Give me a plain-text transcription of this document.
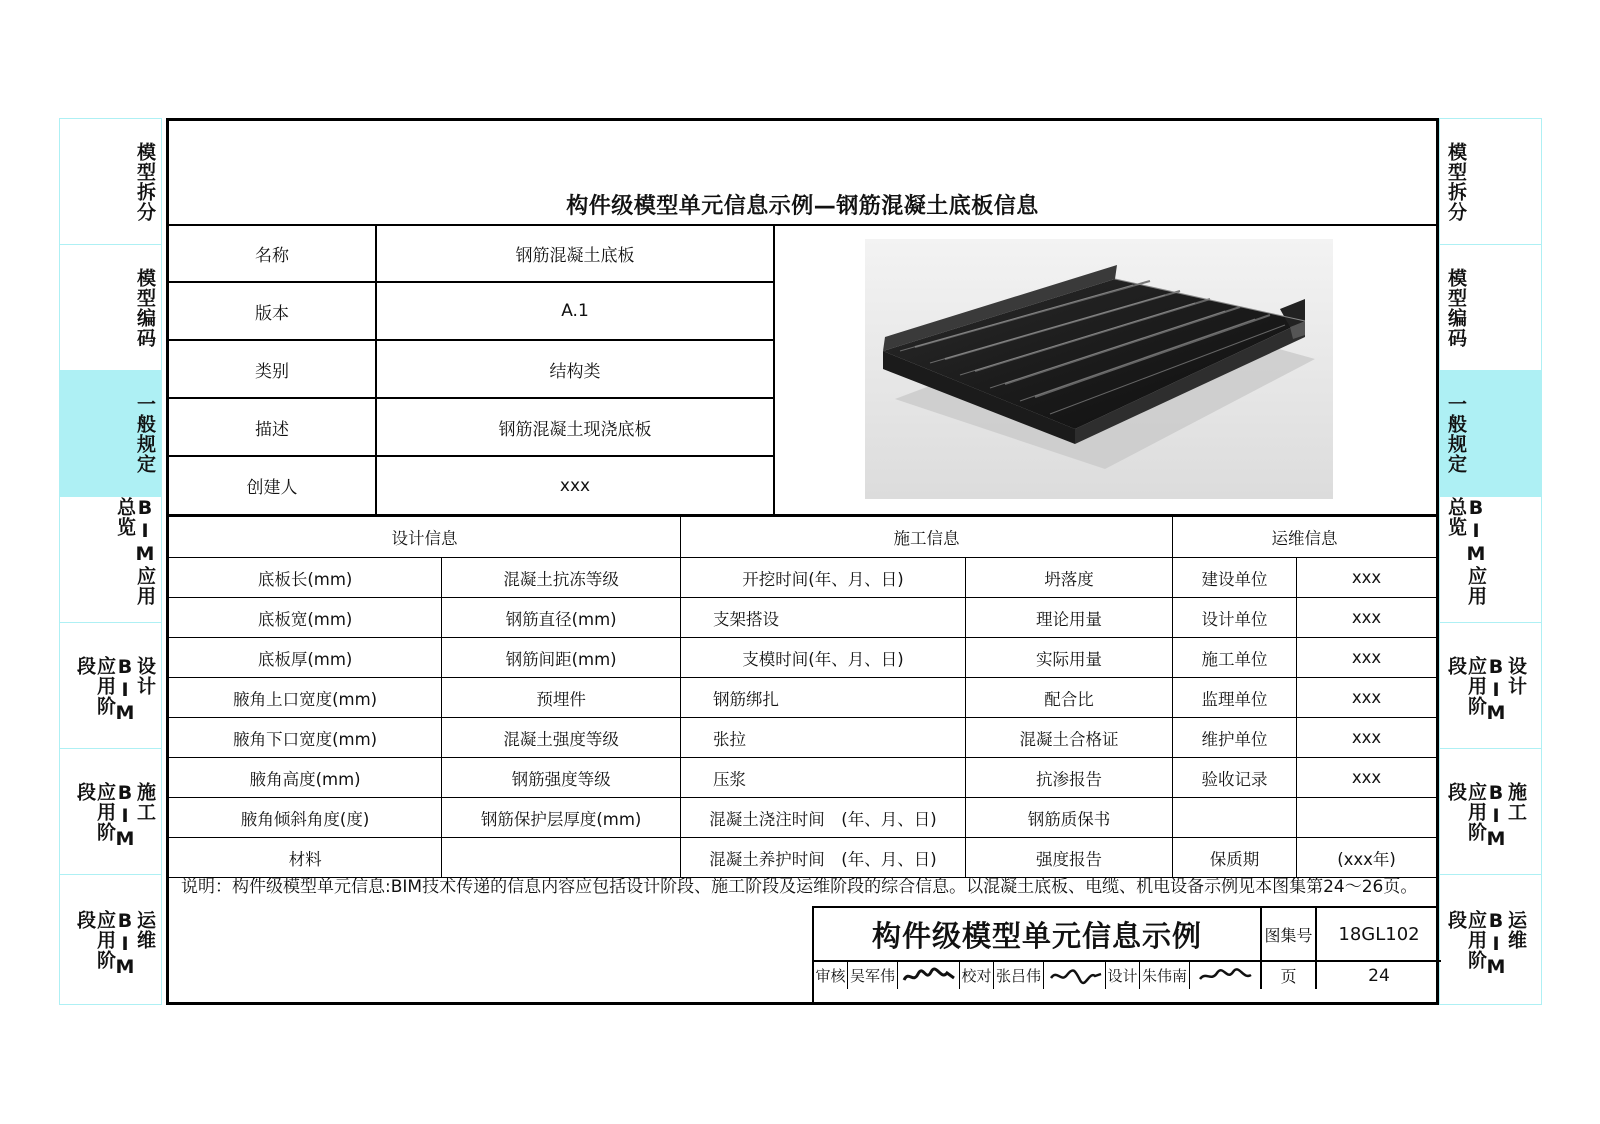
模型拆分
模型编码
一般规定
BIM应用总览
设计BIM应用阶段
施工BIM应用阶段
运维BIM应用阶段
模型拆分
模型编码
一般规定
BIM应用总览
设计BIM应用阶段
施工BIM应用阶段
运维BIM应用阶段
构件级模型单元信息示例—钢筋混凝土底板信息
名称	钢筋混凝土底板
版本	A.1
类别	结构类
描述	钢筋混凝土现浇底板
创建人	xxx
设计信息		施工信息		运维信息	
底板长(mm)	混凝土抗冻等级	开挖时间(年、月、日)	坍落度	建设单位	xxx
底板宽(mm)	钢筋直径(mm)	支架搭设	理论用量	设计单位	xxx
底板厚(mm)	钢筋间距(mm)	支模时间(年、月、日)	实际用量	施工单位	xxx
腋角上口宽度(mm)	预埋件	钢筋绑扎	配合比	监理单位	xxx
腋角下口宽度(mm)	混凝土强度等级	张拉	混凝土合格证	维护单位	xxx
腋角高度(mm)	钢筋强度等级	压浆	抗渗报告	验收记录	xxx
腋角倾斜角度(度)	钢筋保护层厚度(mm)	混凝土浇注时间　(年、月、日)	钢筋质保书		
材料		混凝土养护时间　(年、月、日)	强度报告	保质期	(xxx年)
说明：构件级模型单元信息:BIM技术传递的信息内容应包括设计阶段、施工阶段及运维阶段的综合信息。以混凝土底板、电缆、机电设备示例见本图集第24～26页。
构件级模型单元信息示例	图集号	18GL102
审核 吴军伟	校对 张吕伟	设计 朱伟南	页	24
